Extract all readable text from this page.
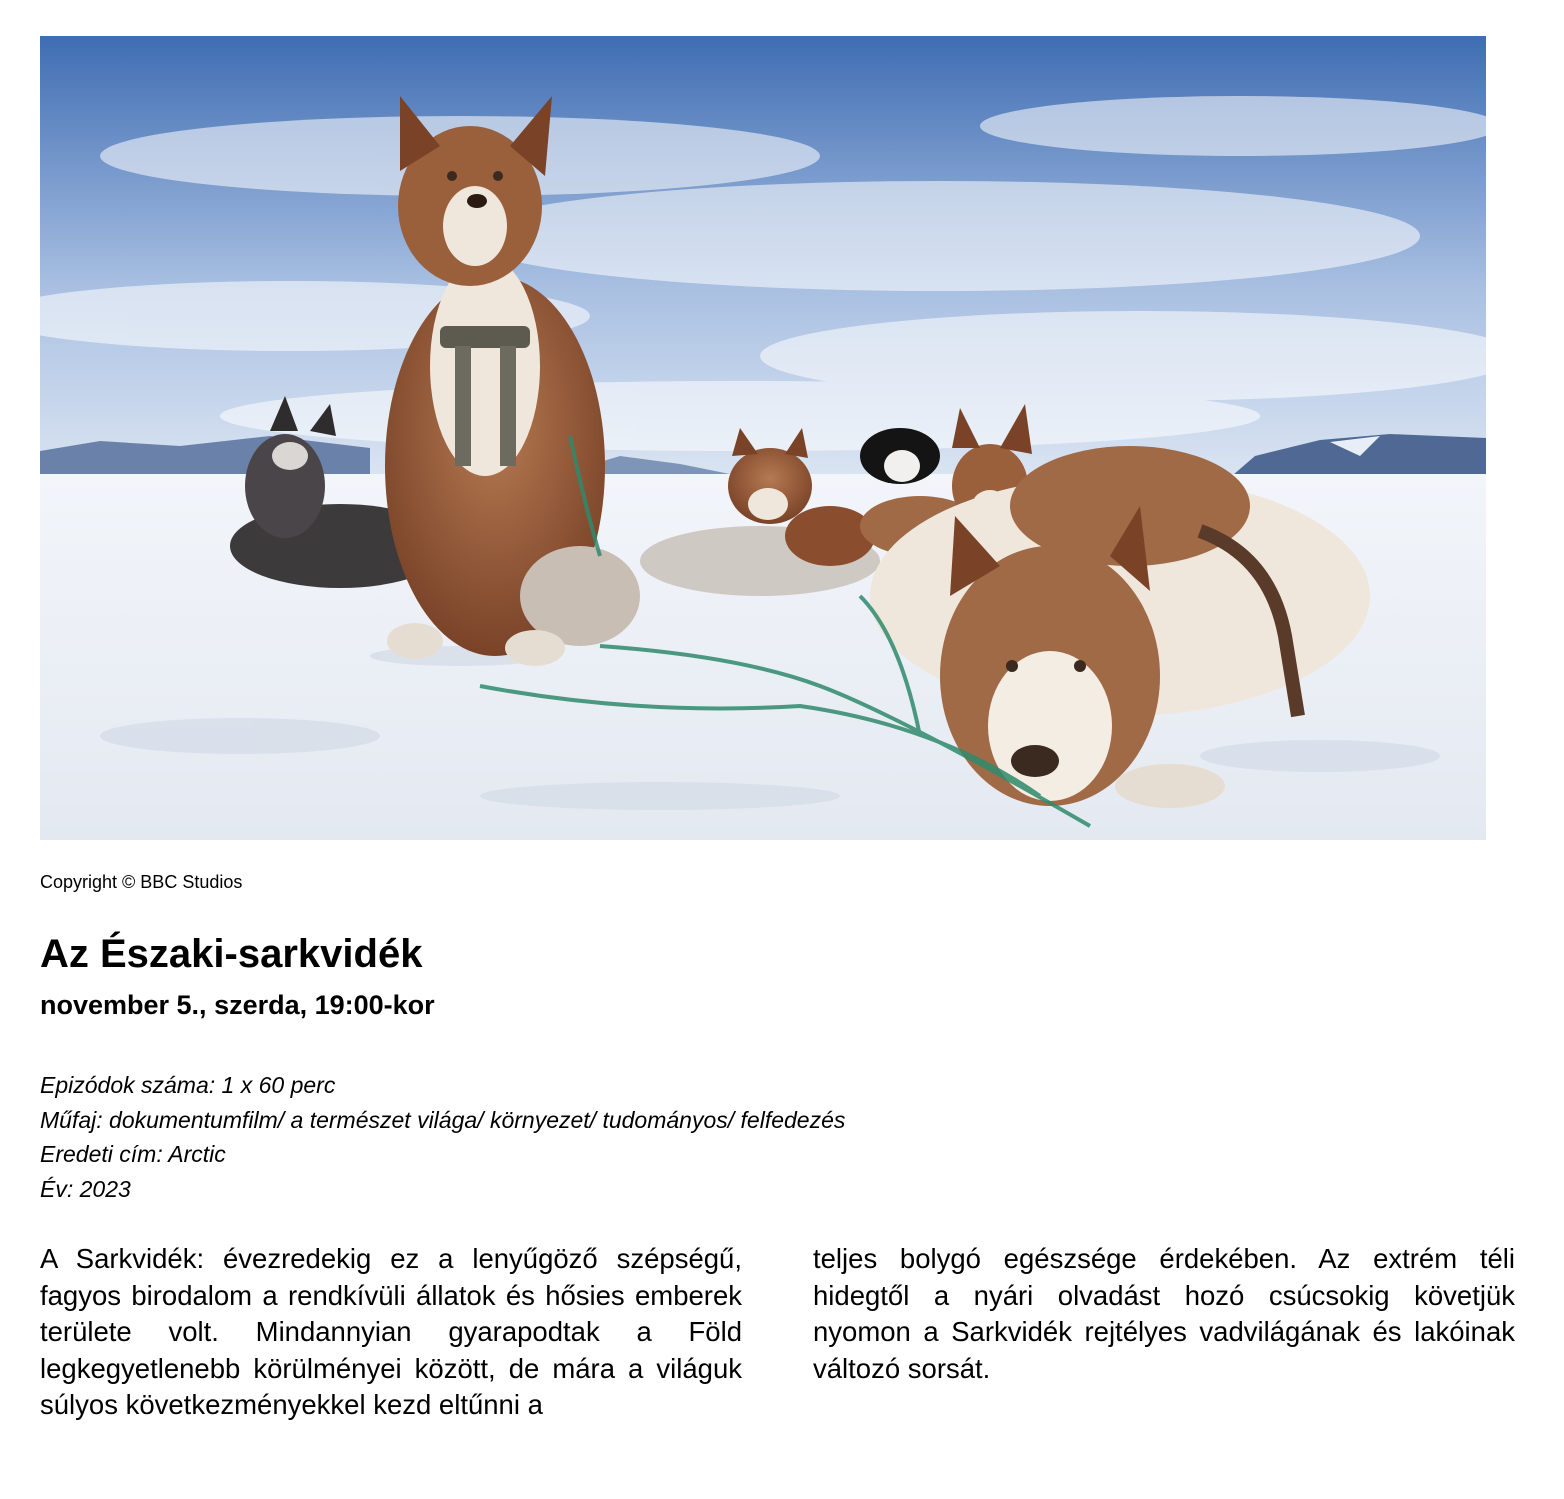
Copyright © BBC Studios
Az Északi-sarkvidék
november 5., szerda, 19:00-kor
Epizódok száma: 1 x 60 perc
Műfaj: dokumentumfilm/ a természet világa/ környezet/ tudományos/ felfedezés
Eredeti cím: Arctic
Év: 2023
A Sarkvidék: évezredekig ez a lenyűgöző szépségű, fagyos birodalom a rendkívüli állatok és hősies emberek területe volt. Mindannyian gyarapodtak a Föld legkegyetlenebb körülményei között, de mára a világuk súlyos következményekkel kezd eltűnni a
teljes bolygó egészsége érdekében. Az extrém téli hidegtől a nyári olvadást hozó csúcsokig követjük nyomon a Sarkvidék rejtélyes vadvilágának és lakóinak változó sorsát.
